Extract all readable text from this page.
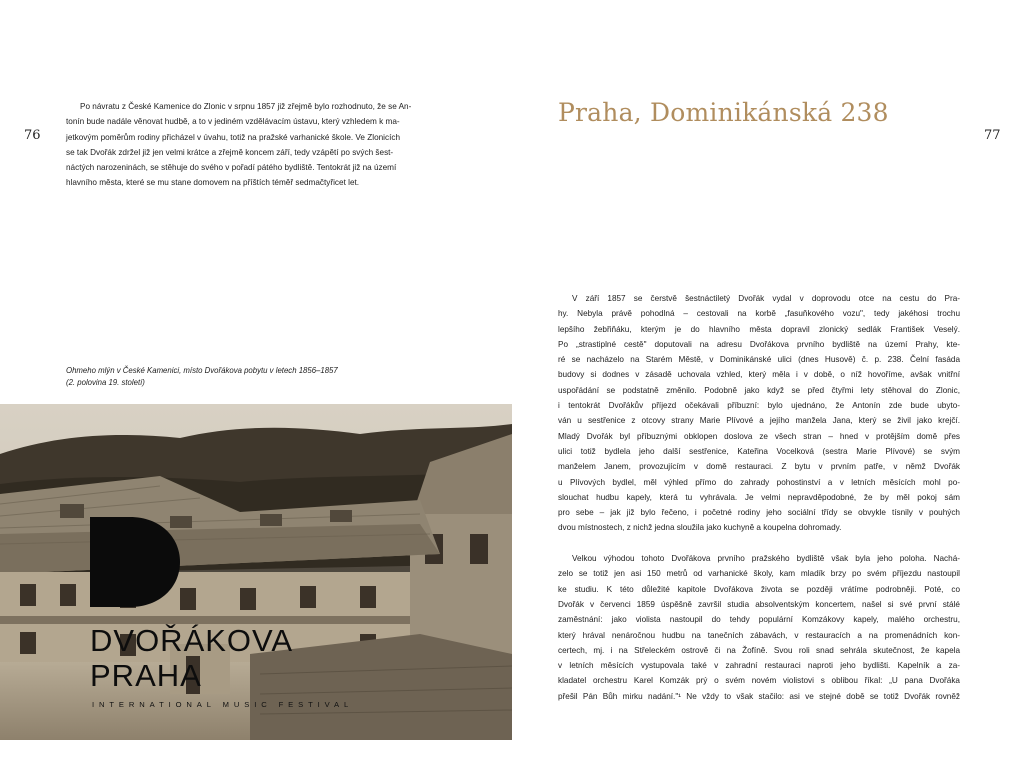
76
Po návratu z České Kamenice do Zlonic v srpnu 1857 již zřejmě bylo rozhodnuto, že se An-
tonín bude nadále věnovat hudbě, a to v jediném vzdělávacím ústavu, který vzhledem k ma-
jetkovým poměrům rodiny přicházel v úvahu, totiž na pražské varhanické škole. Ve Zlonicích
se tak Dvořák zdržel již jen velmi krátce a zřejmě koncem září, tedy vzápětí po svých šest-
náctých narozeninách, se stěhuje do svého v pořadí pátého bydliště. Tentokrát již na území
hlavního města, které se mu stane domovem na příštích téměř sedmačtyřicet let.
Ohmeho mlýn v České Kamenici, místo Dvořákova pobytu v letech 1856–1857
(2. polovina 19. století)
DVOŘÁKOVA
PRAHA
INTERNATIONAL MUSIC FESTIVAL
77
Praha, Dominikánská 238

V září 1857 se čerstvě šestnáctiletý Dvořák vydal v doprovodu otce na cestu do Pra-
hy. Nebyla právě pohodlná – cestovali na korbě „fasuňkového vozu", tedy jakéhosi trochu
lepšího žebřiňáku, kterým je do hlavního města dopravil zlonický sedlák František Veselý.
Po „strastiplné cestě" doputovali na adresu Dvořákova prvního bydliště na území Prahy, kte-
ré se nacházelo na Starém Městě, v Dominikánské ulici (dnes Husově) č. p. 238. Čelní fasáda
budovy si dodnes v zásadě uchovala vzhled, který měla i v době, o níž hovoříme, avšak vnitřní
uspořádání se podstatně změnilo. Podobně jako když se před čtyřmi lety stěhoval do Zlonic,
i tentokrát Dvořákův příjezd očekávali příbuzní: bylo ujednáno, že Antonín zde bude ubyto-
ván u sestřenice z otcovy strany Marie Plívové a jejího manžela Jana, který se živil jako krejčí.
Mladý Dvořák byl příbuznými obklopen doslova ze všech stran – hned v protějším domě přes
ulici totiž bydlela jeho další sestřenice, Kateřina Vocelková (sestra Marie Plívové) se svým
manželem Janem, provozujícím v domě restauraci. Z bytu v prvním patře, v němž Dvořák
u Plívových bydlel, měl výhled přímo do zahrady pohostinství a v letních měsících mohl po-
slouchat hudbu kapely, která tu vyhrávala. Je velmi nepravděpodobné, že by měl pokoj sám
pro sebe – jak již bylo řečeno, i početné rodiny jeho sociální třídy se obvykle tísnily v pouhých
dvou místnostech, z nichž jedna sloužila jako kuchyně a koupelna dohromady.

Velkou výhodou tohoto Dvořákova prvního pražského bydliště však byla jeho poloha. Nachá-
zelo se totiž jen asi 150 metrů od varhanické školy, kam mladík brzy po svém příjezdu nastoupil
ke studiu. K této důležité kapitole Dvořákova života se později vrátíme podrobněji. Poté, co
Dvořák v červenci 1859 úspěšně završil studia absolventským koncertem, našel si své první stálé
zaměstnání: jako violista nastoupil do tehdy populární Komzákovy kapely, malého orchestru,
který hrával nenáročnou hudbu na tanečních zábavách, v restauracích a na promenádních kon-
certech, mj. i na Střeleckém ostrově či na Žofíně. Svou roli snad sehrála skutečnost, že kapela
v letních měsících vystupovala také v zahradní restauraci naproti jeho bydlišti. Kapelník a za-
kladatel orchestru Karel Komzák prý o svém novém violistovi s oblibou říkal: „U pana Dvořáka
přešil Pán Bůh mirku nadání."¹ Ne vždy to však stačilo: asi ve stejné době se totiž Dvořák rovněž
